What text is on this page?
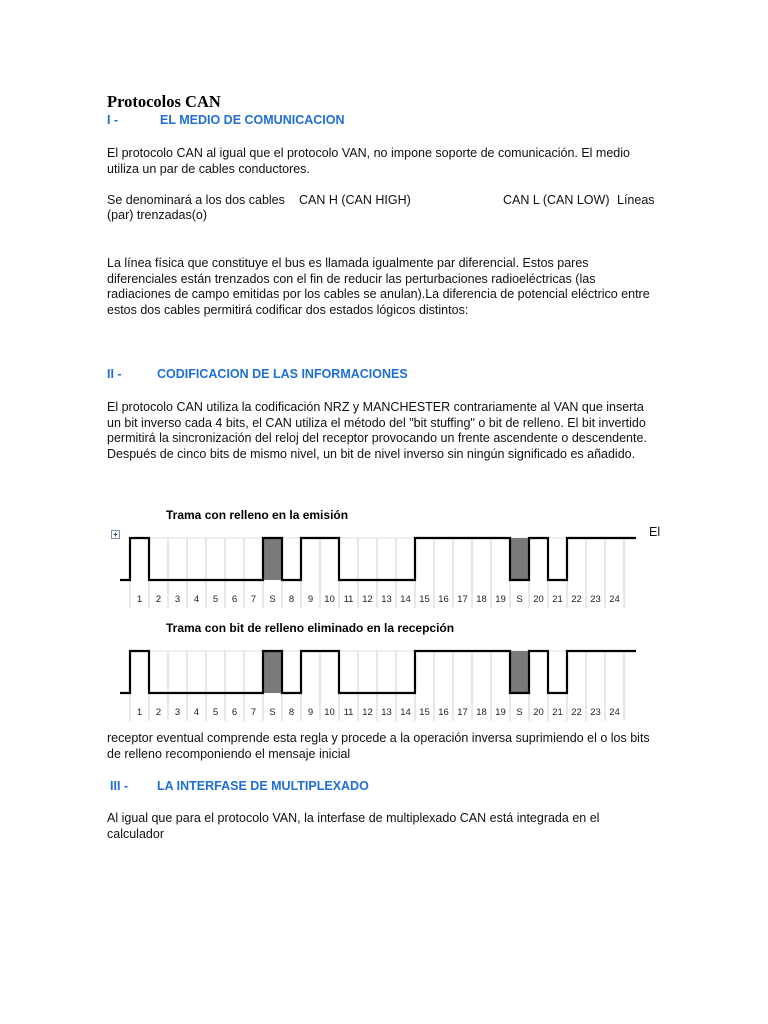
Protocolos CAN
I -	EL MEDIO DE COMUNICACION
El protocolo CAN al igual que el protocolo VAN, no impone soporte de comunicación. El medio utiliza un par de cables conductores.
Se denominará a los dos cables CAN H (CAN HIGH)	CAN L (CAN LOW) Líneas
(par) trenzadas(o)
La línea física que constituye el bus es llamada igualmente par diferencial. Estos pares diferenciales están trenzados con el fin de reducir las perturbaciones radioeléctricas (las radiaciones de campo emitidas por los cables se anulan).La diferencia de potencial eléctrico entre estos dos cables permitirá codificar dos estados lógicos distintos:
II -	CODIFICACION DE LAS INFORMACIONES
El protocolo CAN utiliza la codificación NRZ y MANCHESTER contrariamente al VAN que inserta un bit inverso cada 4 bits, el CAN utiliza el método del "bit stuffing" o bit de relleno. El bit invertido permitirá la sincronización del reloj del receptor provocando un frente ascendente o descendente. Después de cinco bits de mismo nivel, un bit de nivel inverso sin ningún significado es añadido.
Trama con relleno en la emisión
1 2 3 4 5 6 7 S 8 9 10 11 12 13 14 15 16 17 18 19 S 20 21 22 23 24
El
Trama con bit de relleno eliminado en la recepción
1 2 3 4 5 6 7 S 8 9 10 11 12 13 14 15 16 17 18 19 S 20 21 22 23 24
receptor eventual comprende esta regla y procede a la operación inversa suprimiendo el o los bits de relleno recomponiendo el mensaje inicial
III - LA INTERFASE DE MULTIPLEXADO
Al igual que para el protocolo VAN, la interfase de multiplexado CAN está integrada en el calculador
